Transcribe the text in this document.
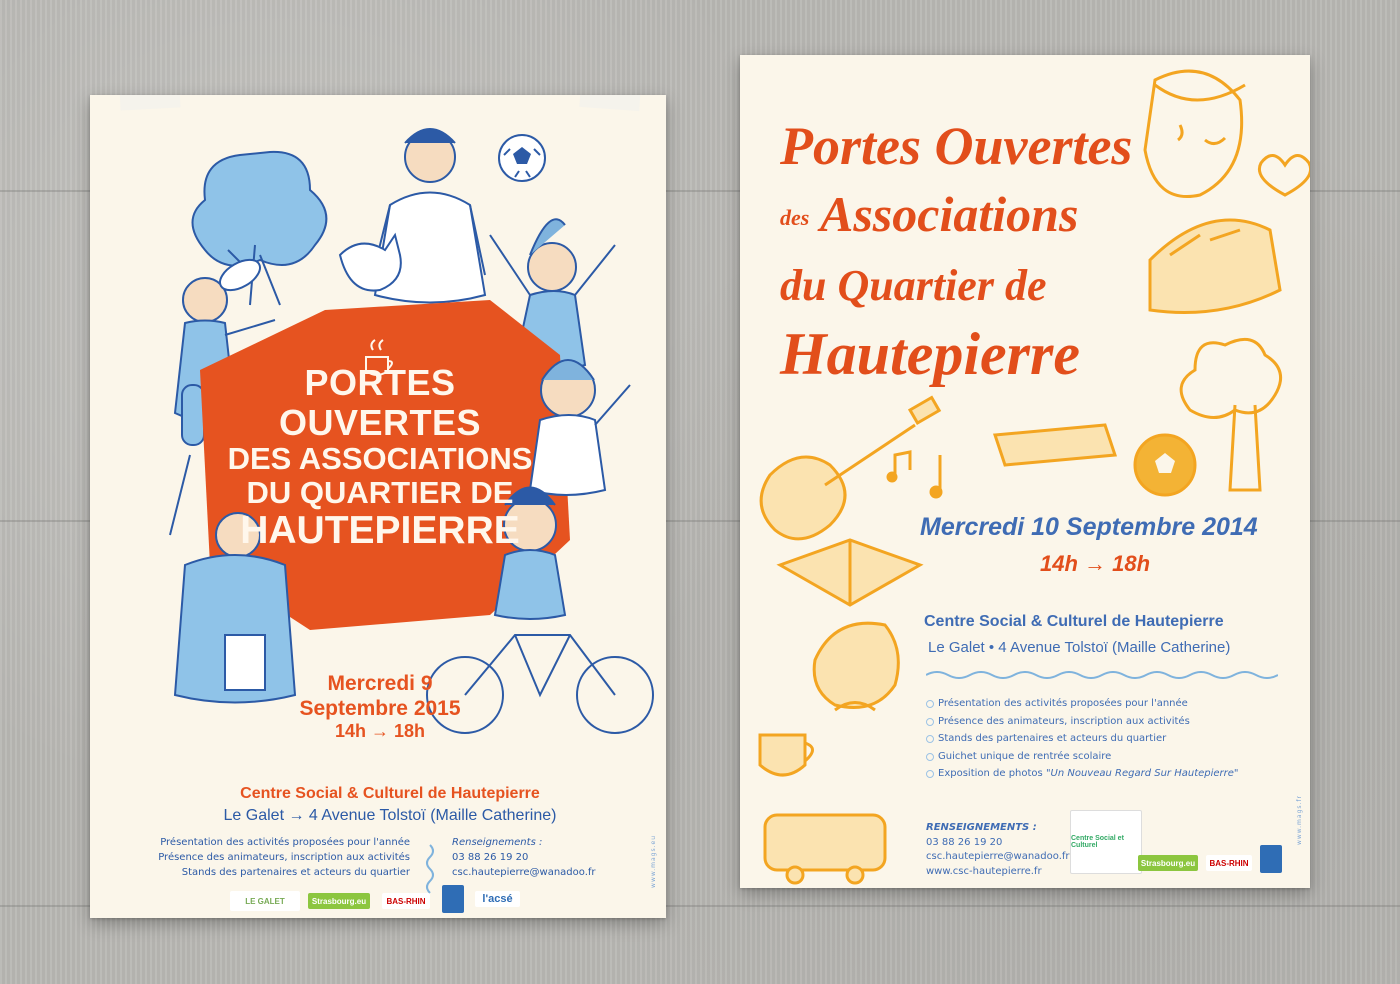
PORTES OUVERTES
DES ASSOCIATIONS
DU QUARTIER DE
HAUTEPIERRE
Mercredi 9
Septembre 2015
14h → 18h
Centre Social & Culturel de Hautepierre
Le Galet → 4 Avenue Tolstoï (Maille Catherine)
Présentation des activités proposées pour l'année
Présence des animateurs, inscription aux activités
Stands des partenaires et acteurs du quartier
Renseignements :
03 88 26 19 20
csc.hautepierre@wanadoo.fr
LE GALET	Strasbourg.eu	BAS-RHIN	l'acsé
www.mags.eu
Portes Ouvertes
des Associations
du Quartier de
Hautepierre
Mercredi 10 Septembre 2014
14h → 18h
Centre Social & Culturel de Hautepierre
Le Galet • 4 Avenue Tolstoï (Maille Catherine)
Présentation des activités proposées pour l'année
Présence des animateurs, inscription aux activités
Stands des partenaires et acteurs du quartier
Guichet unique de rentrée scolaire
Exposition de photos "Un Nouveau Regard Sur Hautepierre"
RENSEIGNEMENTS :
03 88 26 19 20
csc.hautepierre@wanadoo.fr
www.csc-hautepierre.fr
Centre Social et Culturel
Strasbourg.eu	BAS-RHIN
www.mags.fr
